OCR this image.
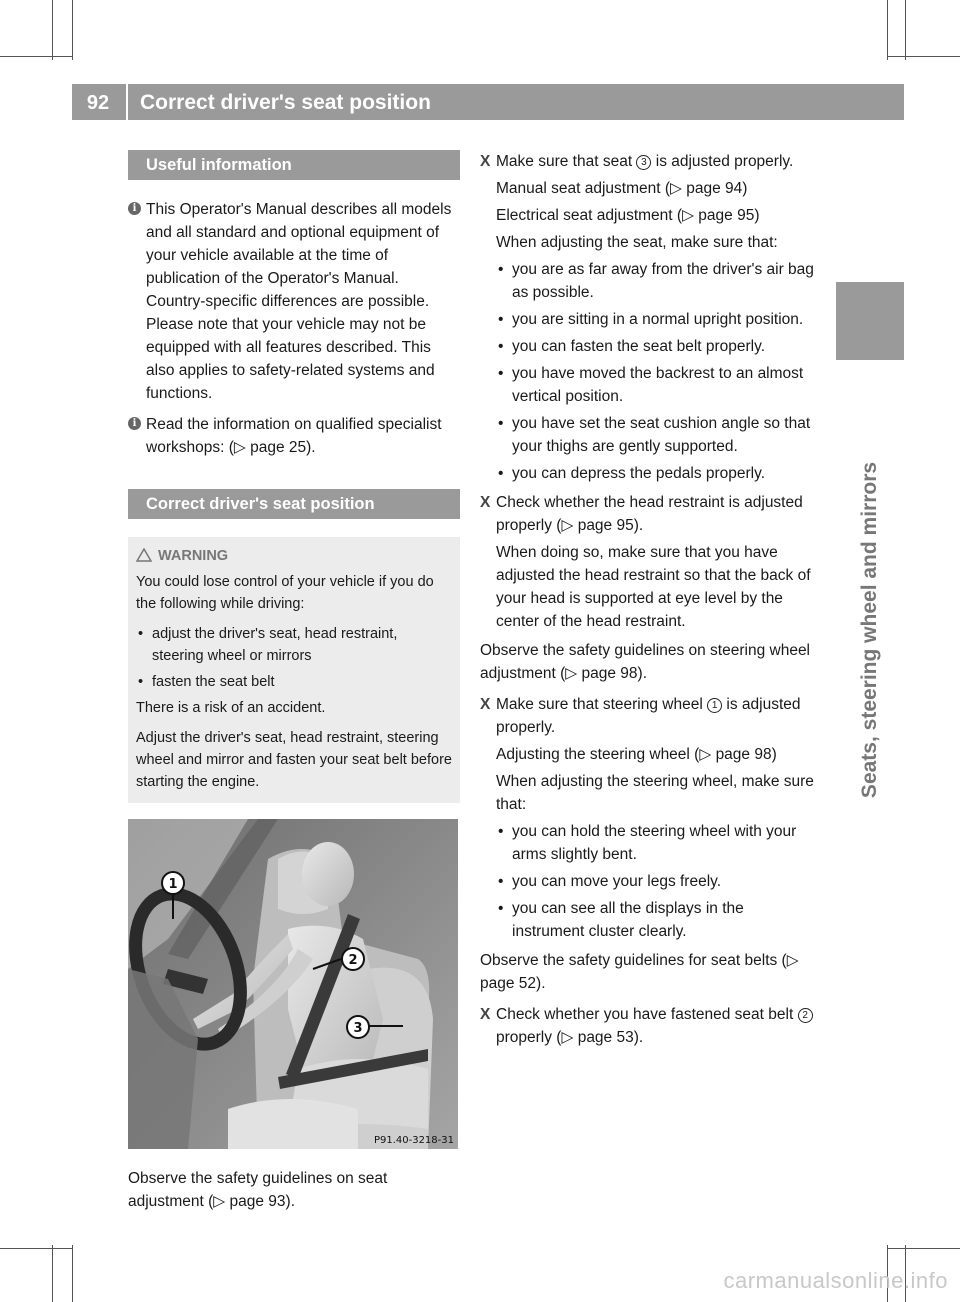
92	Correct driver's seat position
Seats, steering wheel and mirrors
Useful information
i This Operator's Manual describes all models and all standard and optional equipment of your vehicle available at the time of publication of the Operator's Manual. Country-specific differences are possible. Please note that your vehicle may not be equipped with all features described. This also applies to safety-related systems and functions.
i Read the information on qualified specialist workshops: (▷ page 25).
Correct driver's seat position
WARNING

You could lose control of your vehicle if you do the following while driving:

• adjust the driver's seat, head restraint, steering wheel or mirrors
• fasten the seat belt

There is a risk of an accident.

Adjust the driver's seat, head restraint, steering wheel and mirror and fasten your seat belt before starting the engine.

1
2
3
P91.40-3218-31

Observe the safety guidelines on seat adjustment (▷ page 93).

X Make sure that seat 3 is adjusted properly.

Manual seat adjustment (▷ page 94)

Electrical seat adjustment (▷ page 95)

When adjusting the seat, make sure that:

• you are as far away from the driver's air bag as possible.
• you are sitting in a normal upright position.
• you can fasten the seat belt properly.
• you have moved the backrest to an almost vertical position.
• you have set the seat cushion angle so that your thighs are gently supported.
• you can depress the pedals properly.
X Check whether the head restraint is adjusted properly (▷ page 95).

When doing so, make sure that you have adjusted the head restraint so that the back of your head is supported at eye level by the center of the head restraint.

Observe the safety guidelines on steering wheel adjustment (▷ page 98).

X Make sure that steering wheel 1 is adjusted properly.

Adjusting the steering wheel (▷ page 98)

When adjusting the steering wheel, make sure that:

• you can hold the steering wheel with your arms slightly bent.
• you can move your legs freely.
• you can see all the displays in the instrument cluster clearly.

Observe the safety guidelines for seat belts (▷ page 52).

X Check whether you have fastened seat belt 2 properly (▷ page 53).

carmanualsonline.info
